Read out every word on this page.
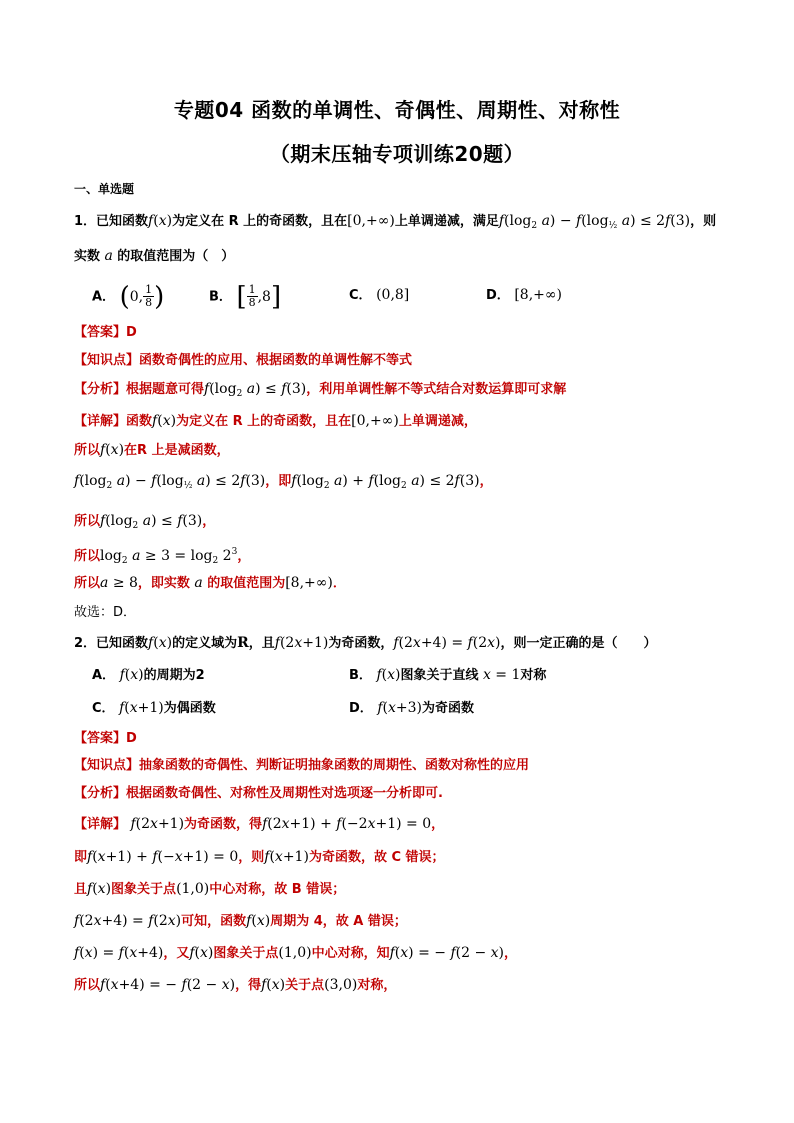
专题04 函数的单调性、奇偶性、周期性、对称性
（期末压轴专项训练20题）
一、单选题
1．已知函数f(x)为定义在 R 上的奇函数，且在[0,+∞)上单调递减，满足$f(\log_2$ $a) - f(\log_{\frac{1}{2}}$ a) ≤ 2f(3)，则
实数 a 的取值范围为（　）
A． (0, $\frac{1}{8}$ )	B． [ $\frac{1}{8} ,8$]	C． (0,8]	D． [8,+∞)
【答案】D
【知识点】函数奇偶性的应用、根据函数的单调性解不等式
【分析】根据题意可得$f(\log_2$ a) ≤ f(3)，利用单调性解不等式结合对数运算即可求解
【详解】函数f(x)为定义在 R 上的奇函数，且在[0,+∞)上单调递减，
所以f(x)在R 上是减函数，
$f(\log_2$ $a) - f(\log_{\frac{1}{2}}$ a) ≤ 2f(3)，即$f(\log_2$ $a) + f(\log_2$ a) ≤ 2f(3)，
所以$f(\log_2$ a) ≤ f(3)，
所以$\log_2 a \ge 3 = \log_2 2^3$，
所以a ≥ 8，即实数 a 的取值范围为[8,+∞)．
故选：D．
2．已知函数f(x)的定义域为R，且f(2x+1)为奇函数，f(2x+4) = f(2x)，则一定正确的是（　　）
A． f(x)的周期为2	B． f(x)图象关于直线 x = 1对称
C． f(x+1)为偶函数	D． f(x+3)为奇函数
【答案】D
【知识点】抽象函数的奇偶性、判断证明抽象函数的周期性、函数对称性的应用
【分析】根据函数奇偶性、对称性及周期性对选项逐一分析即可.
【详解】 f(2x+1)为奇函数，得f(2x+1) + f(−2x+1) = 0，
即f(x+1) + f(−x+1) = 0，则f(x+1)为奇函数，故 C 错误；
且f(x)图象关于点(1,0)中心对称，故 B 错误；
f(2x+4) = f(2x)可知，函数f(x)周期为 4，故 A 错误；
f(x) = f(x+4)，又f(x)图象关于点(1,0)中心对称，知f(x) = − f(2 − x)，
所以f(x+4) = − f(2 − x)，得f(x)关于点(3,0)对称，
